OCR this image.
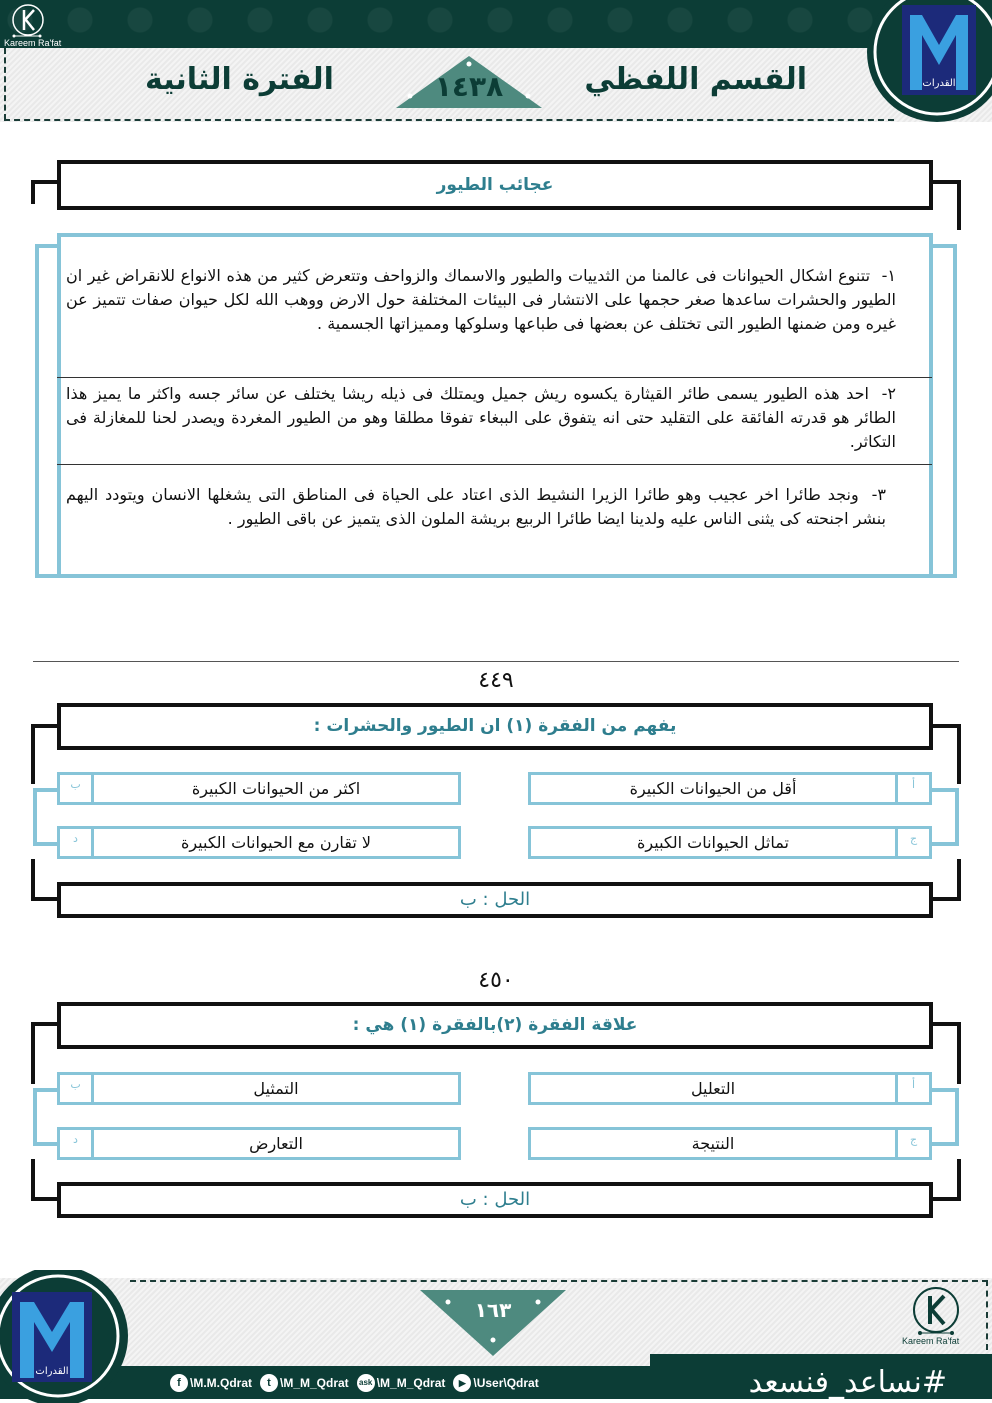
Kareem Ra'fat
الفترة الثانية	١٤٣٨	القسم اللفظي	القدرات
عجائب الطيور
١- تتنوع اشكال الحيوانات فى عالمنا من الثدييات والطيور والاسماك والزواحف وتتعرض كثير من هذه الانواع للانقراض غير ان الطيور والحشرات ساعدها صغر حجمها على الانتشار فى البيئات المختلفة حول الارض ووهب الله لكل حيوان صفات تتميز عن غيره ومن ضمنها الطيور التى تختلف عن بعضها فى طباعها وسلوكها ومميزاتها الجسمية .
٢- احد هذه الطيور يسمى طائر القيثارة يكسوه ريش جميل ويمتلك فى ذيله ريشا يختلف عن سائر جسه واكثر ما يميز هذا الطائر هو قدرته الفائقة على التقليد حتى انه يتفوق على الببغاء تفوقا مطلقا وهو من الطيور المغردة ويصدر لحنا للمغازلة فى التكاثر.
٣- ونجد طائرا اخر عجيب وهو طائرا الزيرا النشيط الذى اعتاد على الحياة فى المناطق التى يشغلها الانسان ويتودد اليهم بنشر اجنحته كى يثنى الناس عليه ولدينا ايضا طائرا الربيع بريشة الملون الذى يتميز عن باقى الطيور .
٤٤٩
يفهم من الفقرة (١) ان الطيور والحشرات :
أقل من الحيوانات الكبيرة	أ
ب	اكثر من الحيوانات الكبيرة
تماثل الحيوانات الكبيرة	ج
د	لا تقارن مع الحيوانات الكبيرة
الحل : ب
٤٥٠
علاقة الفقرة (٢)بالفقرة (١) هي :
التعليل	أ
ب	التمثيل
النتيجة	ج
د	التعارض
الحل : ب
١٦٣
القدرات
f \M.M.Qdrat	t \M_M_Qdrat ask \M_M_Qdrat	▶ \User\Qdrat	#نساعد_فنسعد
Kareem Ra'fat
